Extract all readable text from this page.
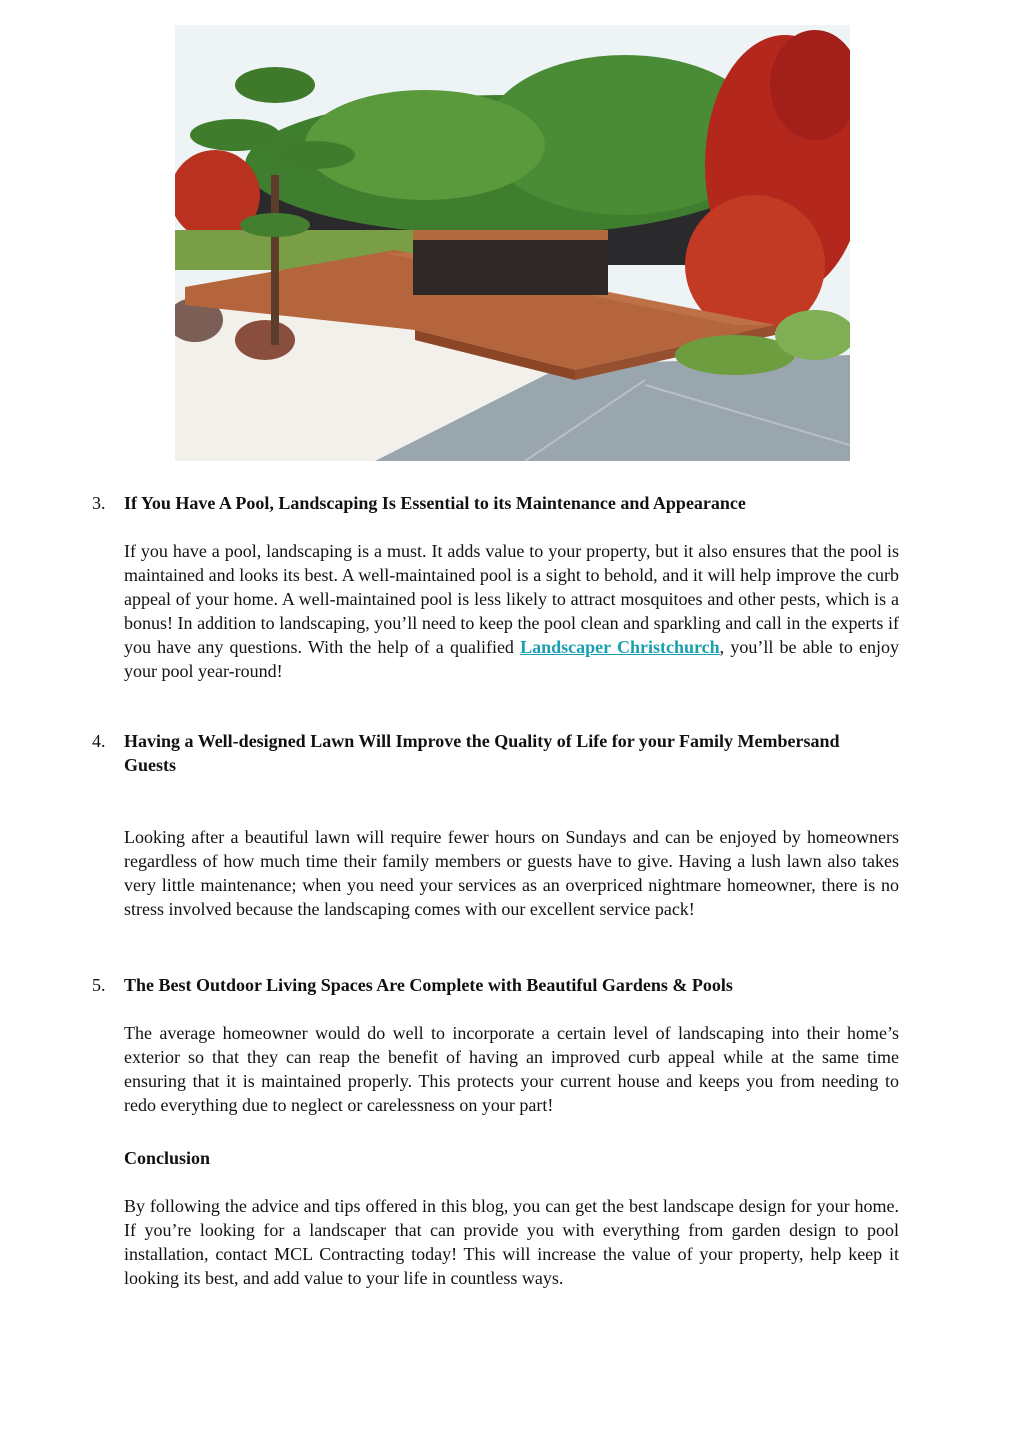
3. If You Have A Pool, Landscaping Is Essential to its Maintenance and Appearance

If you have a pool, landscaping is a must. It adds value to your property, but it also ensures that the pool is maintained and looks its best. A well-maintained pool is a sight to behold, and it will help improve the curb appeal of your home. A well-maintained pool is less likely to attract mosquitoes and other pests, which is a bonus! In addition to landscaping, you’ll need to keep the pool clean and sparkling and call in the experts if you have any questions. With the help of a qualified Landscaper Christchurch, you’ll be able to enjoy your pool year-round!

4. Having a Well-designed Lawn Will Improve the Quality of Life for your Family Membersand Guests

Looking after a beautiful lawn will require fewer hours on Sundays and can be enjoyed by homeowners regardless of how much time their family members or guests have to give. Having a lush lawn also takes very little maintenance; when you need your services as an overpriced nightmare homeowner, there is no stress involved because the landscaping comes with our excellent service pack!

5. The Best Outdoor Living Spaces Are Complete with Beautiful Gardens & Pools

The average homeowner would do well to incorporate a certain level of landscaping into their home’s exterior so that they can reap the benefit of having an improved curb appeal while at the same time ensuring that it is maintained properly. This protects your current house and keeps you from needing to redo everything due to neglect or carelessness on your part!

Conclusion

By following the advice and tips offered in this blog, you can get the best landscape design for your home. If you’re looking for a landscaper that can provide you with everything from garden design to pool installation, contact MCL Contracting today! This will increase the value of your property, help keep it looking its best, and add value to your life in countless ways.
